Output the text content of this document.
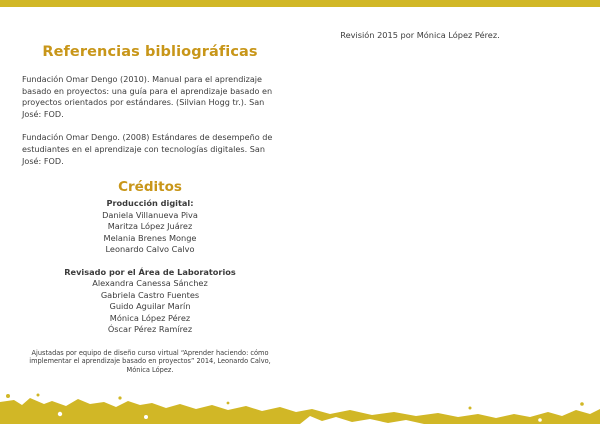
Referencias bibliográficas

Fundación Omar Dengo (2010). Manual para el aprendizaje basado en proyectos: una guía para el aprendizaje basado en proyectos orientados por estándares. (Silvian Hogg tr.). San José: FOD.

Fundación Omar Dengo. (2008) Estándares de desempeño de estudiantes en el aprendizaje con tecnologías digitales. San José: FOD.

Créditos

Producción digital:

Daniela Villanueva Piva

Maritza López Juárez

Melania Brenes Monge

Leonardo Calvo Calvo

Revisado por el Área de Laboratorios

Alexandra Canessa Sánchez

Gabriela Castro Fuentes

Guido Aguilar Marín

Mónica López Pérez

Óscar Pérez Ramírez

Ajustadas por equipo de diseño curso virtual “Aprender haciendo: cómo implementar el aprendizaje basado en proyectos” 2014, Leonardo Calvo, Mónica López.

Revisión 2015 por Mónica López Pérez.
